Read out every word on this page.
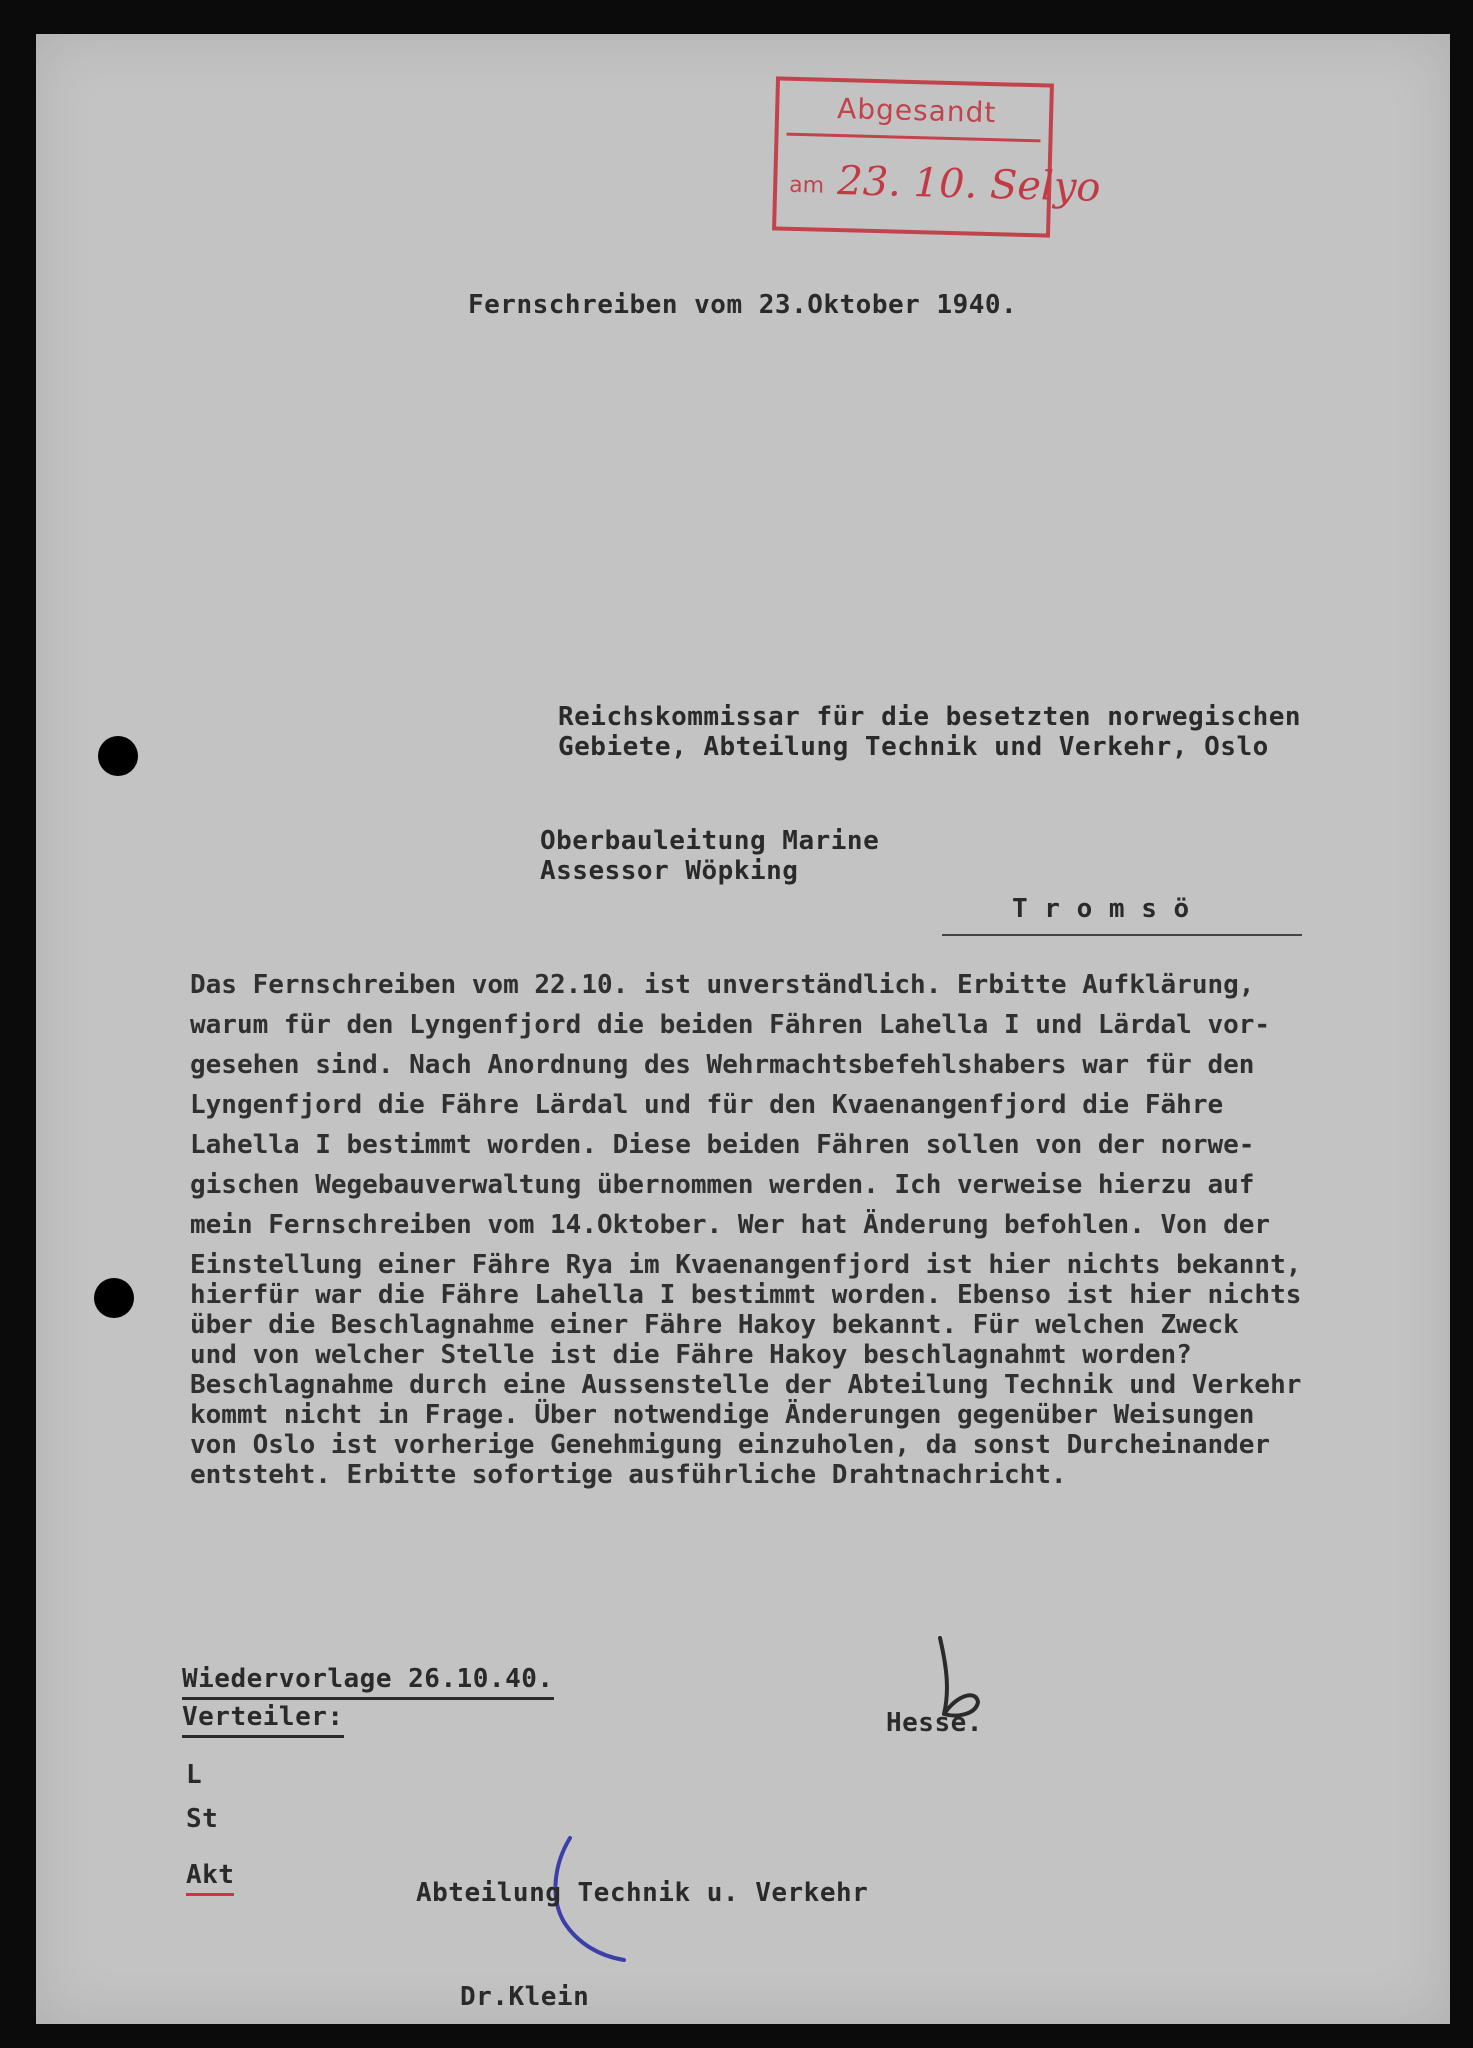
Abgesandt
am 23. 10. Selyo
Fernschreiben vom 23.Oktober 1940.
Reichskommissar für die besetzten norwegischen
Gebiete, Abteilung Technik und Verkehr, Oslo
Oberbauleitung Marine
Assessor Wöpking
T r o m s ö
Das Fernschreiben vom 22.10. ist unverständlich. Erbitte Aufklärung,
warum für den Lyngenfjord die beiden Fähren Lahella I und Lärdal vor-
gesehen sind. Nach Anordnung des Wehrmachtsbefehlshabers war für den
Lyngenfjord die Fähre Lärdal und für den Kvaenangenfjord die Fähre
Lahella I bestimmt worden. Diese beiden Fähren sollen von der norwe-
gischen Wegebauverwaltung übernommen werden. Ich verweise hierzu auf
mein Fernschreiben vom 14.Oktober. Wer hat Änderung befohlen. Von der
Einstellung einer Fähre Rya im Kvaenangenfjord ist hier nichts bekannt,
hierfür war die Fähre Lahella I bestimmt worden. Ebenso ist hier nichts
über die Beschlagnahme einer Fähre Hakoy bekannt. Für welchen Zweck
und von welcher Stelle ist die Fähre Hakoy beschlagnahmt worden?
Beschlagnahme durch eine Aussenstelle der Abteilung Technik und Verkehr
kommt nicht in Frage. Über notwendige Änderungen gegenüber Weisungen
von Oslo ist vorherige Genehmigung einzuholen, da sonst Durcheinander
entsteht. Erbitte sofortige ausführliche Drahtnachricht.
Wiedervorlage 26.10.40.
Verteiler:
L
St
Akt
Hesse.
Abteilung Technik u. Verkehr
Dr.Klein
